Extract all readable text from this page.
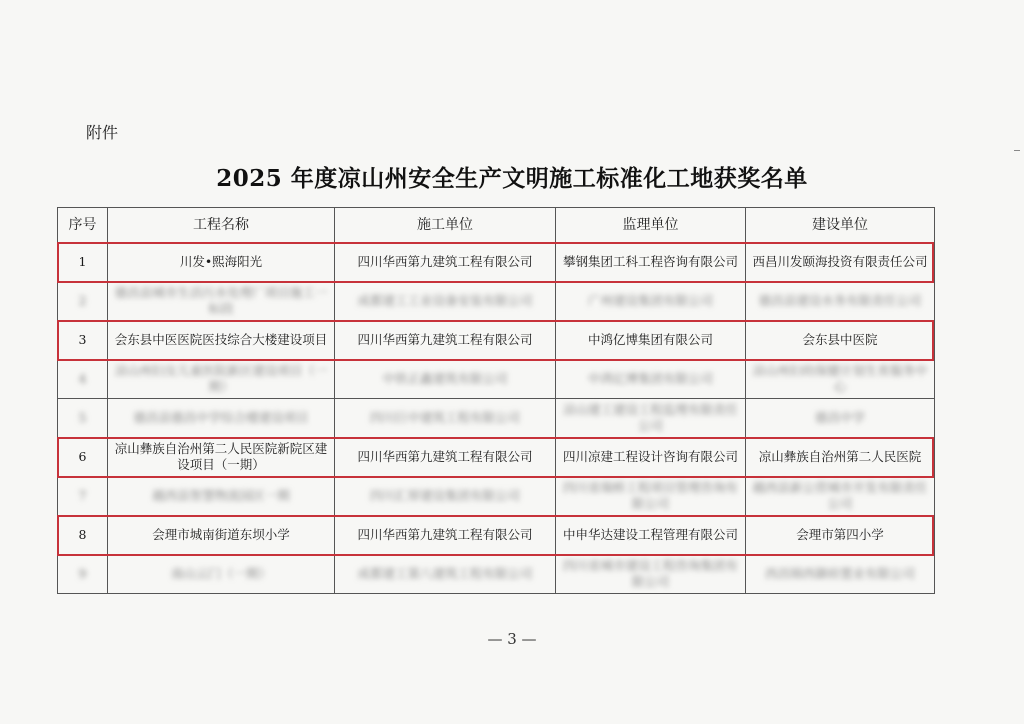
附件
2025 年度凉山州安全生产文明施工标准化工地获奖名单
序号	工程名称	施工单位	监理单位	建设单位
1	川发•熙海阳光	四川华西第九建筑工程有限公司	攀钢集团工科工程咨询有限公司	西昌川发颐海投资有限责任公司
2	德昌县城市生活污水处理厂项目施工一标段	成都建工工业设备安装有限公司	广州建设集团有限公司	德昌县建设水务有限责任公司
3	会东县中医医院医技综合大楼建设项目	四川华西第九建筑工程有限公司	中鸿亿博集团有限公司	会东县中医院
4	凉山州妇女儿童医院新区建设项目（一期）	中铁正鑫建筑有限公司	中鸿亿博集团有限公司	凉山州妇幼保健计划生育服务中心
5	德昌县德昌中学综合楼建设项目	四川巨中建筑工程有限公司	凉山建工建设工程监理有限责任公司	德昌中学
6	凉山彝族自治州第二人民医院新院区建设项目（一期）	四川华西第九建筑工程有限公司	四川凉建工程设计咨询有限公司	凉山彝族自治州第二人民医院
7	越西县智慧物流园区一期	四川汇厚建设集团有限公司	四川省瑞桥工程项目管理咨询有限公司	越西县新公营城市开发有限责任公司
8	会理市城南街道东坝小学	四川华西第九建筑工程有限公司	中申华达建设工程管理有限公司	会理市第四小学
9	南山云门（一期）	成都建工第八建筑工程有限公司	四川省城市建设工程咨询集团有限公司	西昌锦西御府置业有限公司
— 3 —
